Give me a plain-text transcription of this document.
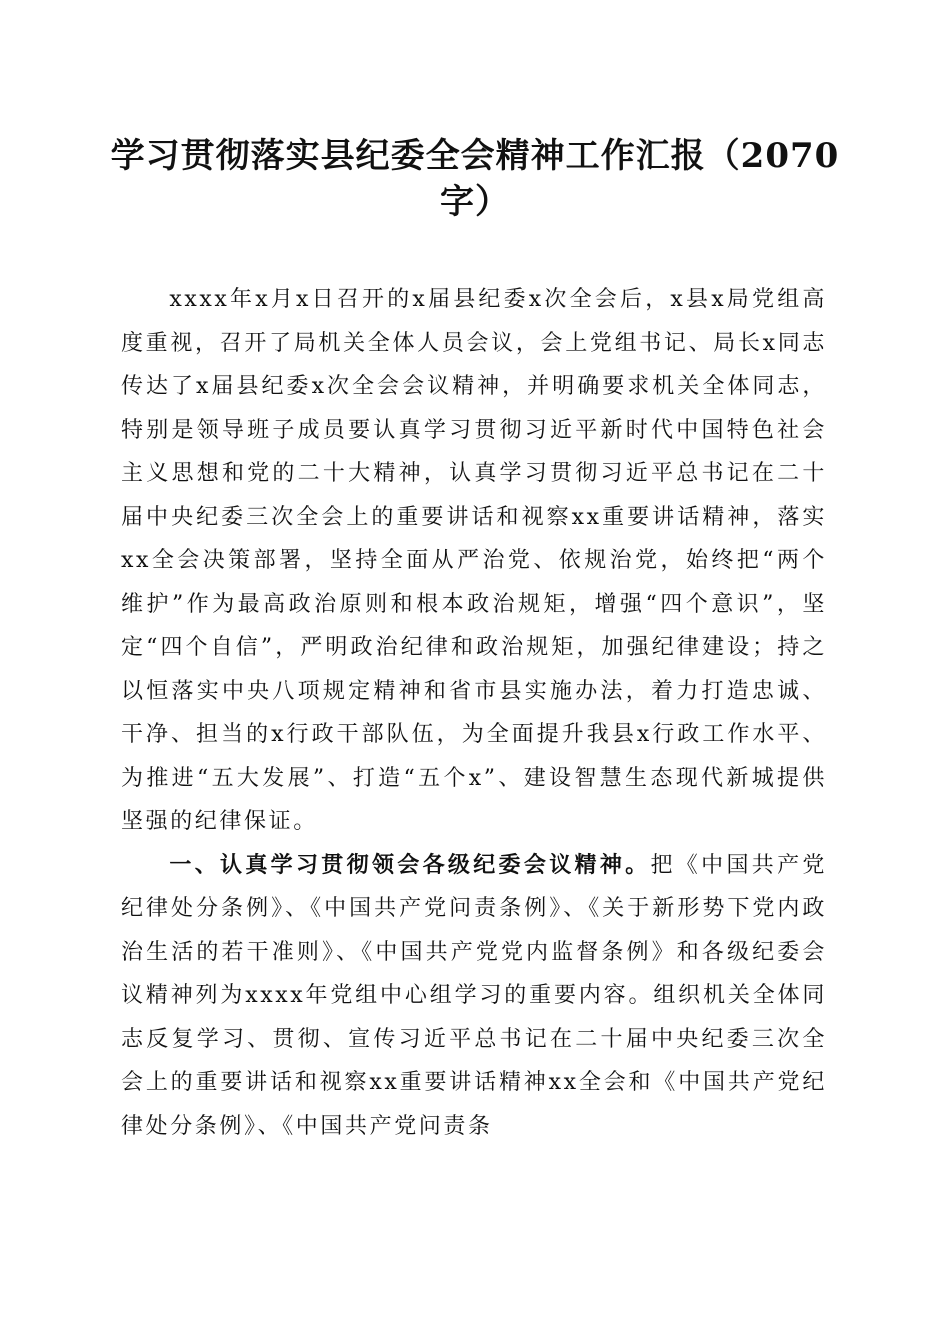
学习贯彻落实县纪委全会精神工作汇报（2070字）

xxxx年x月x日召开的x届县纪委x次全会后，x县x局党组高度重视，召开了局机关全体人员会议，会上党组书记、局长x同志传达了x届县纪委x次全会会议精神，并明确要求机关全体同志，特别是领导班子成员要认真学习贯彻习近平新时代中国特色社会主义思想和党的二十大精神，认真学习贯彻习近平总书记在二十届中央纪委三次全会上的重要讲话和视察xx重要讲话精神，落实xx全会决策部署，坚持全面从严治党、依规治党，始终把“两个维护”作为最高政治原则和根本政治规矩，增强“四个意识”，坚定“四个自信”，严明政治纪律和政治规矩，加强纪律建设；持之以恒落实中央八项规定精神和省市县实施办法，着力打造忠诚、干净、担当的x行政干部队伍，为全面提升我县x行政工作水平、为推进“五大发展”、打造“五个x”、建设智慧生态现代新城提供坚强的纪律保证。

一、认真学习贯彻领会各级纪委会议精神。把《中国共产党纪律处分条例》、《中国共产党问责条例》、《关于新形势下党内政治生活的若干准则》、《中国共产党党内监督条例》和各级纪委会议精神列为xxxx年党组中心组学习的重要内容。组织机关全体同志反复学习、贯彻、宣传习近平总书记在二十届中央纪委三次全会上的重要讲话和视察xx重要讲话精神xx全会和《中国共产党纪律处分条例》、《中国共产党问责条
